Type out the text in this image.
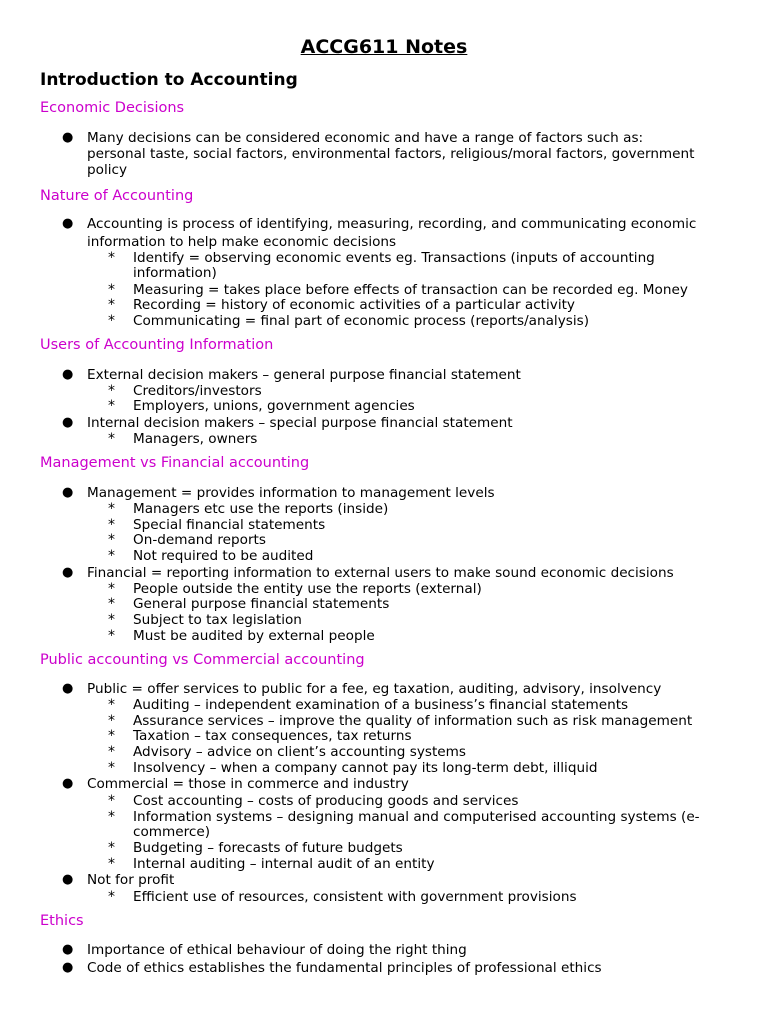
ACCG611 Notes
Introduction to Accounting
Economic Decisions
● Many decisions can be considered economic and have a range of factors such as:

personal taste, social factors, environmental factors, religious/moral factors, government

policy

Nature of Accounting
● Accounting is process of identifying, measuring, recording, and communicating economic

information to help make economic decisions

* Identify = observing economic events eg. Transactions (inputs of accounting

information)

* Measuring = takes place before effects of transaction can be recorded eg. Money

* Recording = history of economic activities of a particular activity

* Communicating = final part of economic process (reports/analysis)

Users of Accounting Information
● External decision makers – general purpose financial statement

* Creditors/investors

* Employers, unions, government agencies

● Internal decision makers – special purpose financial statement

* Managers, owners

Management vs Financial accounting
● Management = provides information to management levels

* Managers etc use the reports (inside)

* Special financial statements

* On-demand reports

* Not required to be audited

● Financial = reporting information to external users to make sound economic decisions

* People outside the entity use the reports (external)

* General purpose financial statements

* Subject to tax legislation

* Must be audited by external people

Public accounting vs Commercial accounting
● Public = offer services to public for a fee, eg taxation, auditing, advisory, insolvency

* Auditing – independent examination of a business’s financial statements

* Assurance services – improve the quality of information such as risk management

* Taxation – tax consequences, tax returns

* Advisory – advice on client’s accounting systems

* Insolvency – when a company cannot pay its long-term debt, illiquid

● Commercial = those in commerce and industry

* Cost accounting – costs of producing goods and services

* Information systems – designing manual and computerised accounting systems (e-

commerce)

* Budgeting – forecasts of future budgets

* Internal auditing – internal audit of an entity

● Not for profit

* Efficient use of resources, consistent with government provisions

Ethics
● Importance of ethical behaviour of doing the right thing

● Code of ethics establishes the fundamental principles of professional ethics
